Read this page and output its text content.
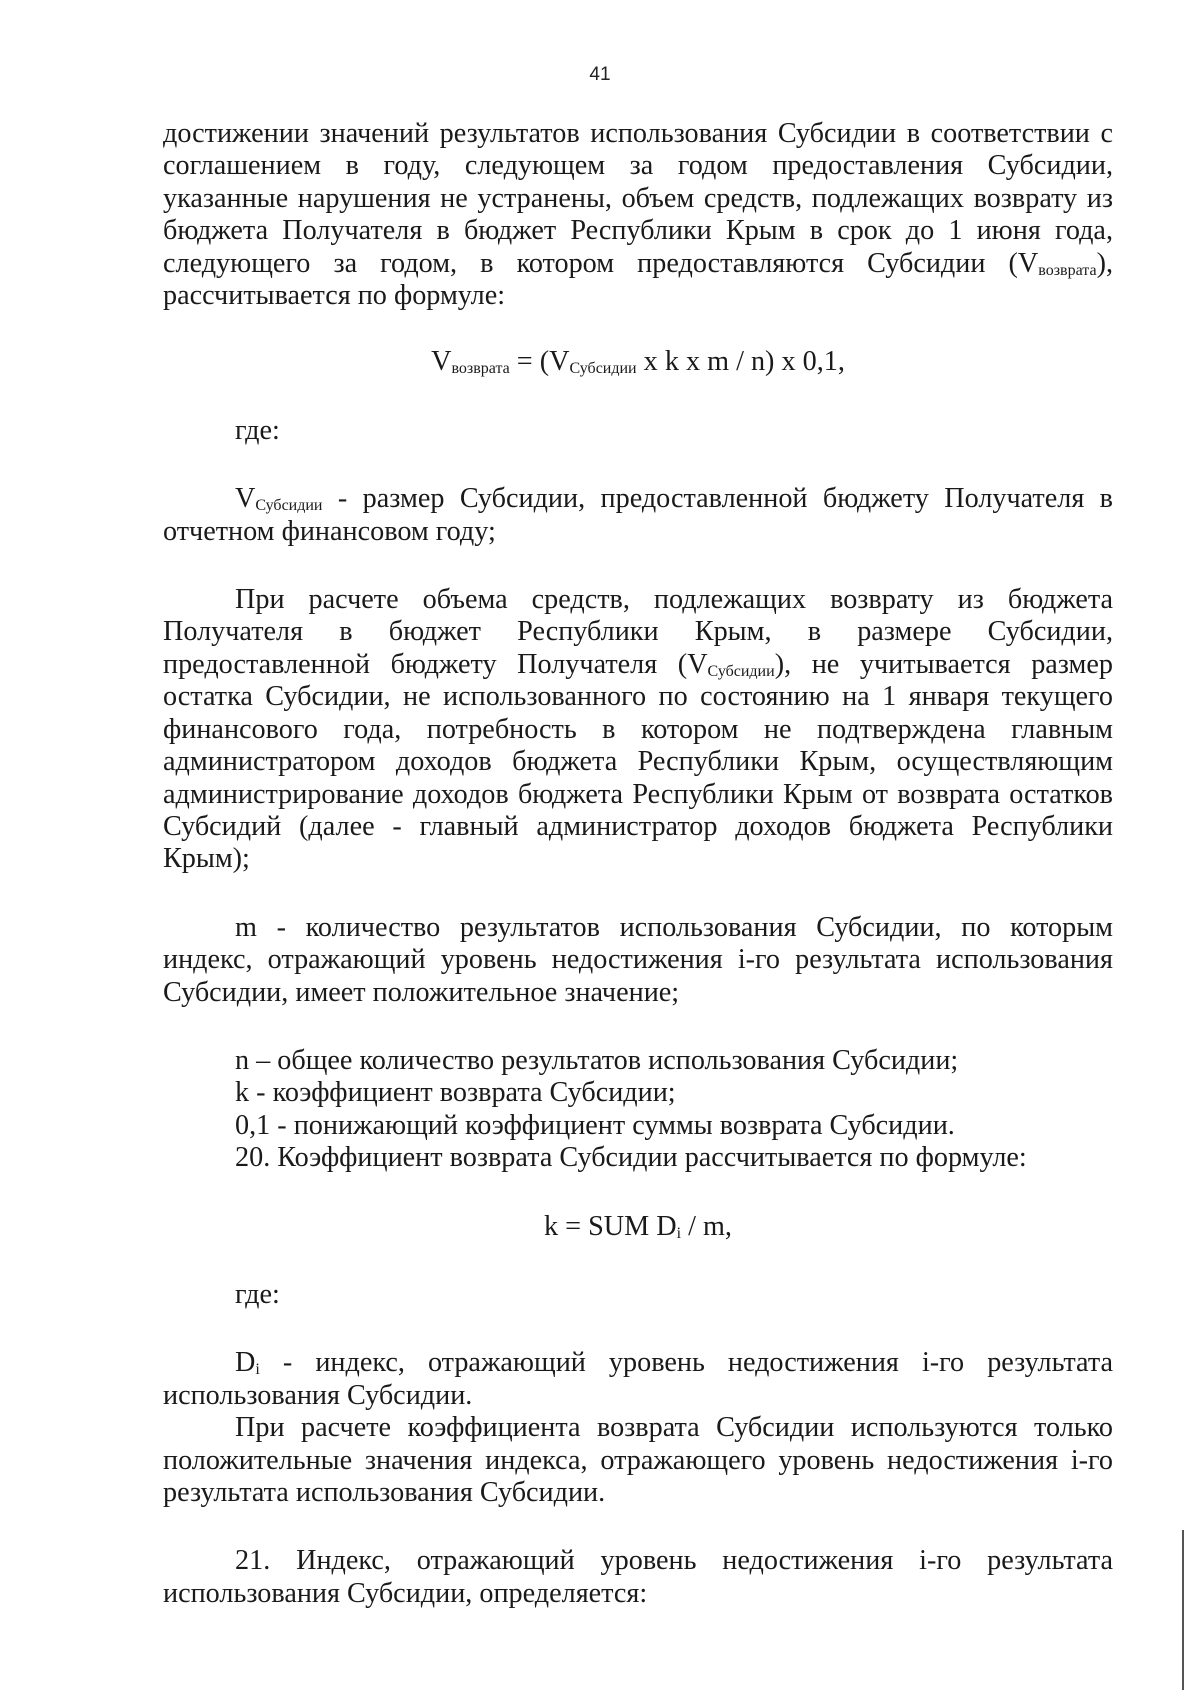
41

достижении значений результатов использования Субсидии в соответствии с соглашением в году, следующем за годом предоставления Субсидии, указанные нарушения не устранены, объем средств, подлежащих возврату из бюджета Получателя в бюджет Республики Крым в срок до 1 июня года, следующего за годом, в котором предоставляются Субсидии $(V_{возврата})$, рассчитывается по формуле:

$V_{возврата} = (V_{Субсидии}$ x k x m / n) x 0,1,

где:

$V_{Субсидии}$ - размер Субсидии, предоставленной бюджету Получателя в отчетном финансовом году;

При расчете объема средств, подлежащих возврату из бюджета Получателя в бюджет Республики Крым, в размере Субсидии, предоставленной бюджету Получателя $(V_{Субсидии})$, не учитывается размер остатка Субсидии, не использованного по состоянию на 1 января текущего финансового года, потребность в котором не подтверждена главным администратором доходов бюджета Республики Крым, осуществляющим администрирование доходов бюджета Республики Крым от возврата остатков Субсидий (далее - главный администратор доходов бюджета Республики Крым);

m - количество результатов использования Субсидии, по которым индекс, отражающий уровень недостижения i-го результата использования Субсидии, имеет положительное значение;

n – общее количество результатов использования Субсидии;

k - коэффициент возврата Субсидии;

0,1 - понижающий коэффициент суммы возврата Субсидии.

20. Коэффициент возврата Субсидии рассчитывается по формуле:

k = SUM $D_i$ / m,

где:

$D_i$ - индекс, отражающий уровень недостижения i-го результата использования Субсидии.

При расчете коэффициента возврата Субсидии используются только положительные значения индекса, отражающего уровень недостижения i-го результата использования Субсидии.

21. Индекс, отражающий уровень недостижения i-го результата использования Субсидии, определяется:
